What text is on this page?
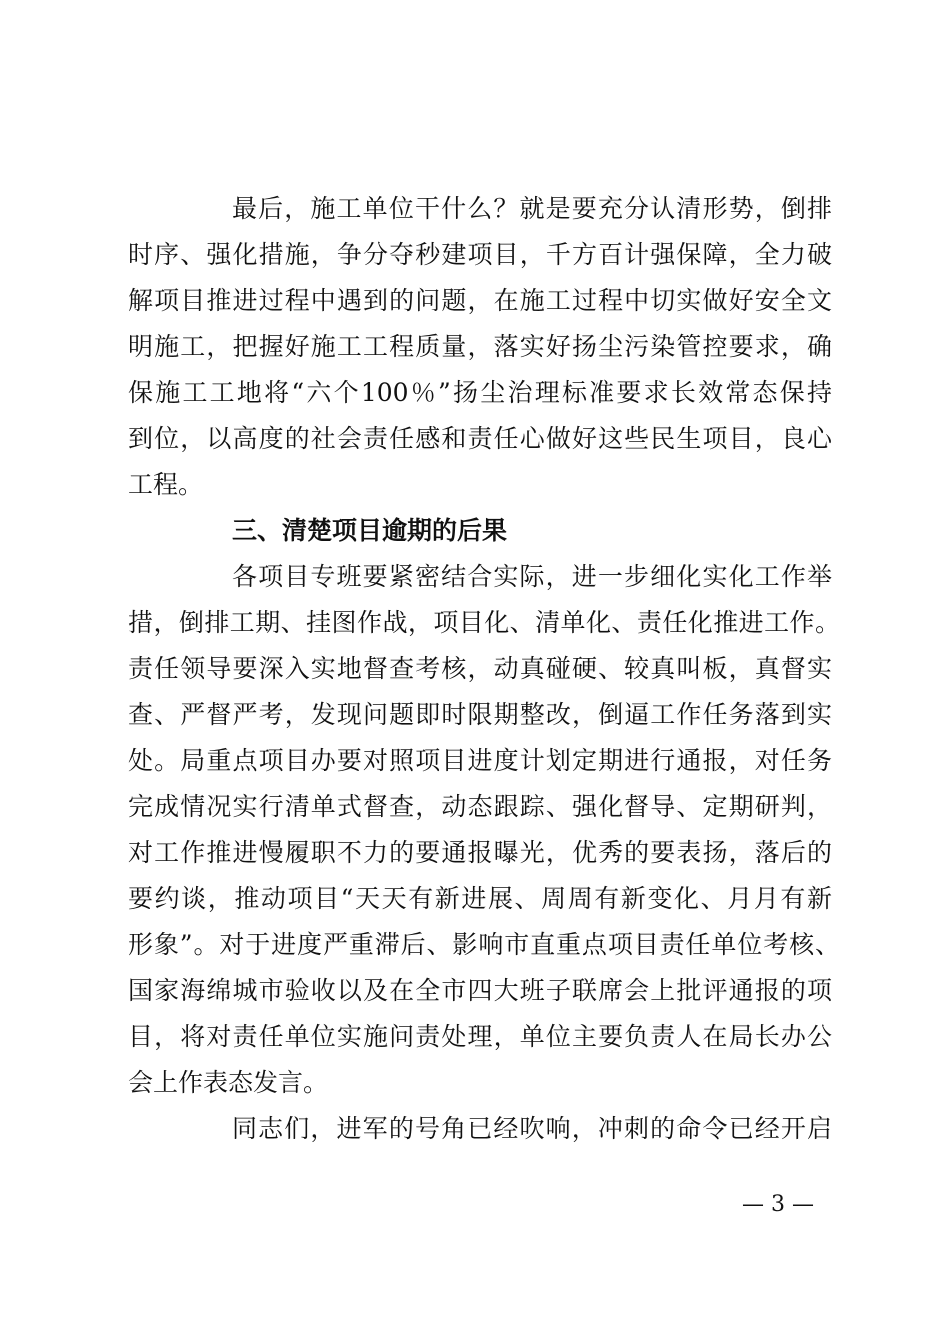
最后，施工单位干什么？就是要充分认清形势，倒排
时序、强化措施，争分夺秒建项目，千方百计强保障，全力破
解项目推进过程中遇到的问题，在施工过程中切实做好安全文
明施工，把握好施工工程质量，落实好扬尘污染管控要求，确
保施工工地将“六个100％”扬尘治理标准要求长效常态保持
到位，以高度的社会责任感和责任心做好这些民生项目，良心
工程。
三、清楚项目逾期的后果
各项目专班要紧密结合实际，进一步细化实化工作举
措，倒排工期、挂图作战，项目化、清单化、责任化推进工作。
责任领导要深入实地督查考核，动真碰硬、较真叫板，真督实
查、严督严考，发现问题即时限期整改，倒逼工作任务落到实
处。局重点项目办要对照项目进度计划定期进行通报，对任务
完成情况实行清单式督查，动态跟踪、强化督导、定期研判，
对工作推进慢履职不力的要通报曝光，优秀的要表扬，落后的
要约谈，推动项目“天天有新进展、周周有新变化、月月有新
形象”。对于进度严重滞后、影响市直重点项目责任单位考核、
国家海绵城市验收以及在全市四大班子联席会上批评通报的项
目，将对责任单位实施问责处理，单位主要负责人在局长办公
会上作表态发言。
同志们，进军的号角已经吹响，冲刺的命令已经开启
— 3 —
